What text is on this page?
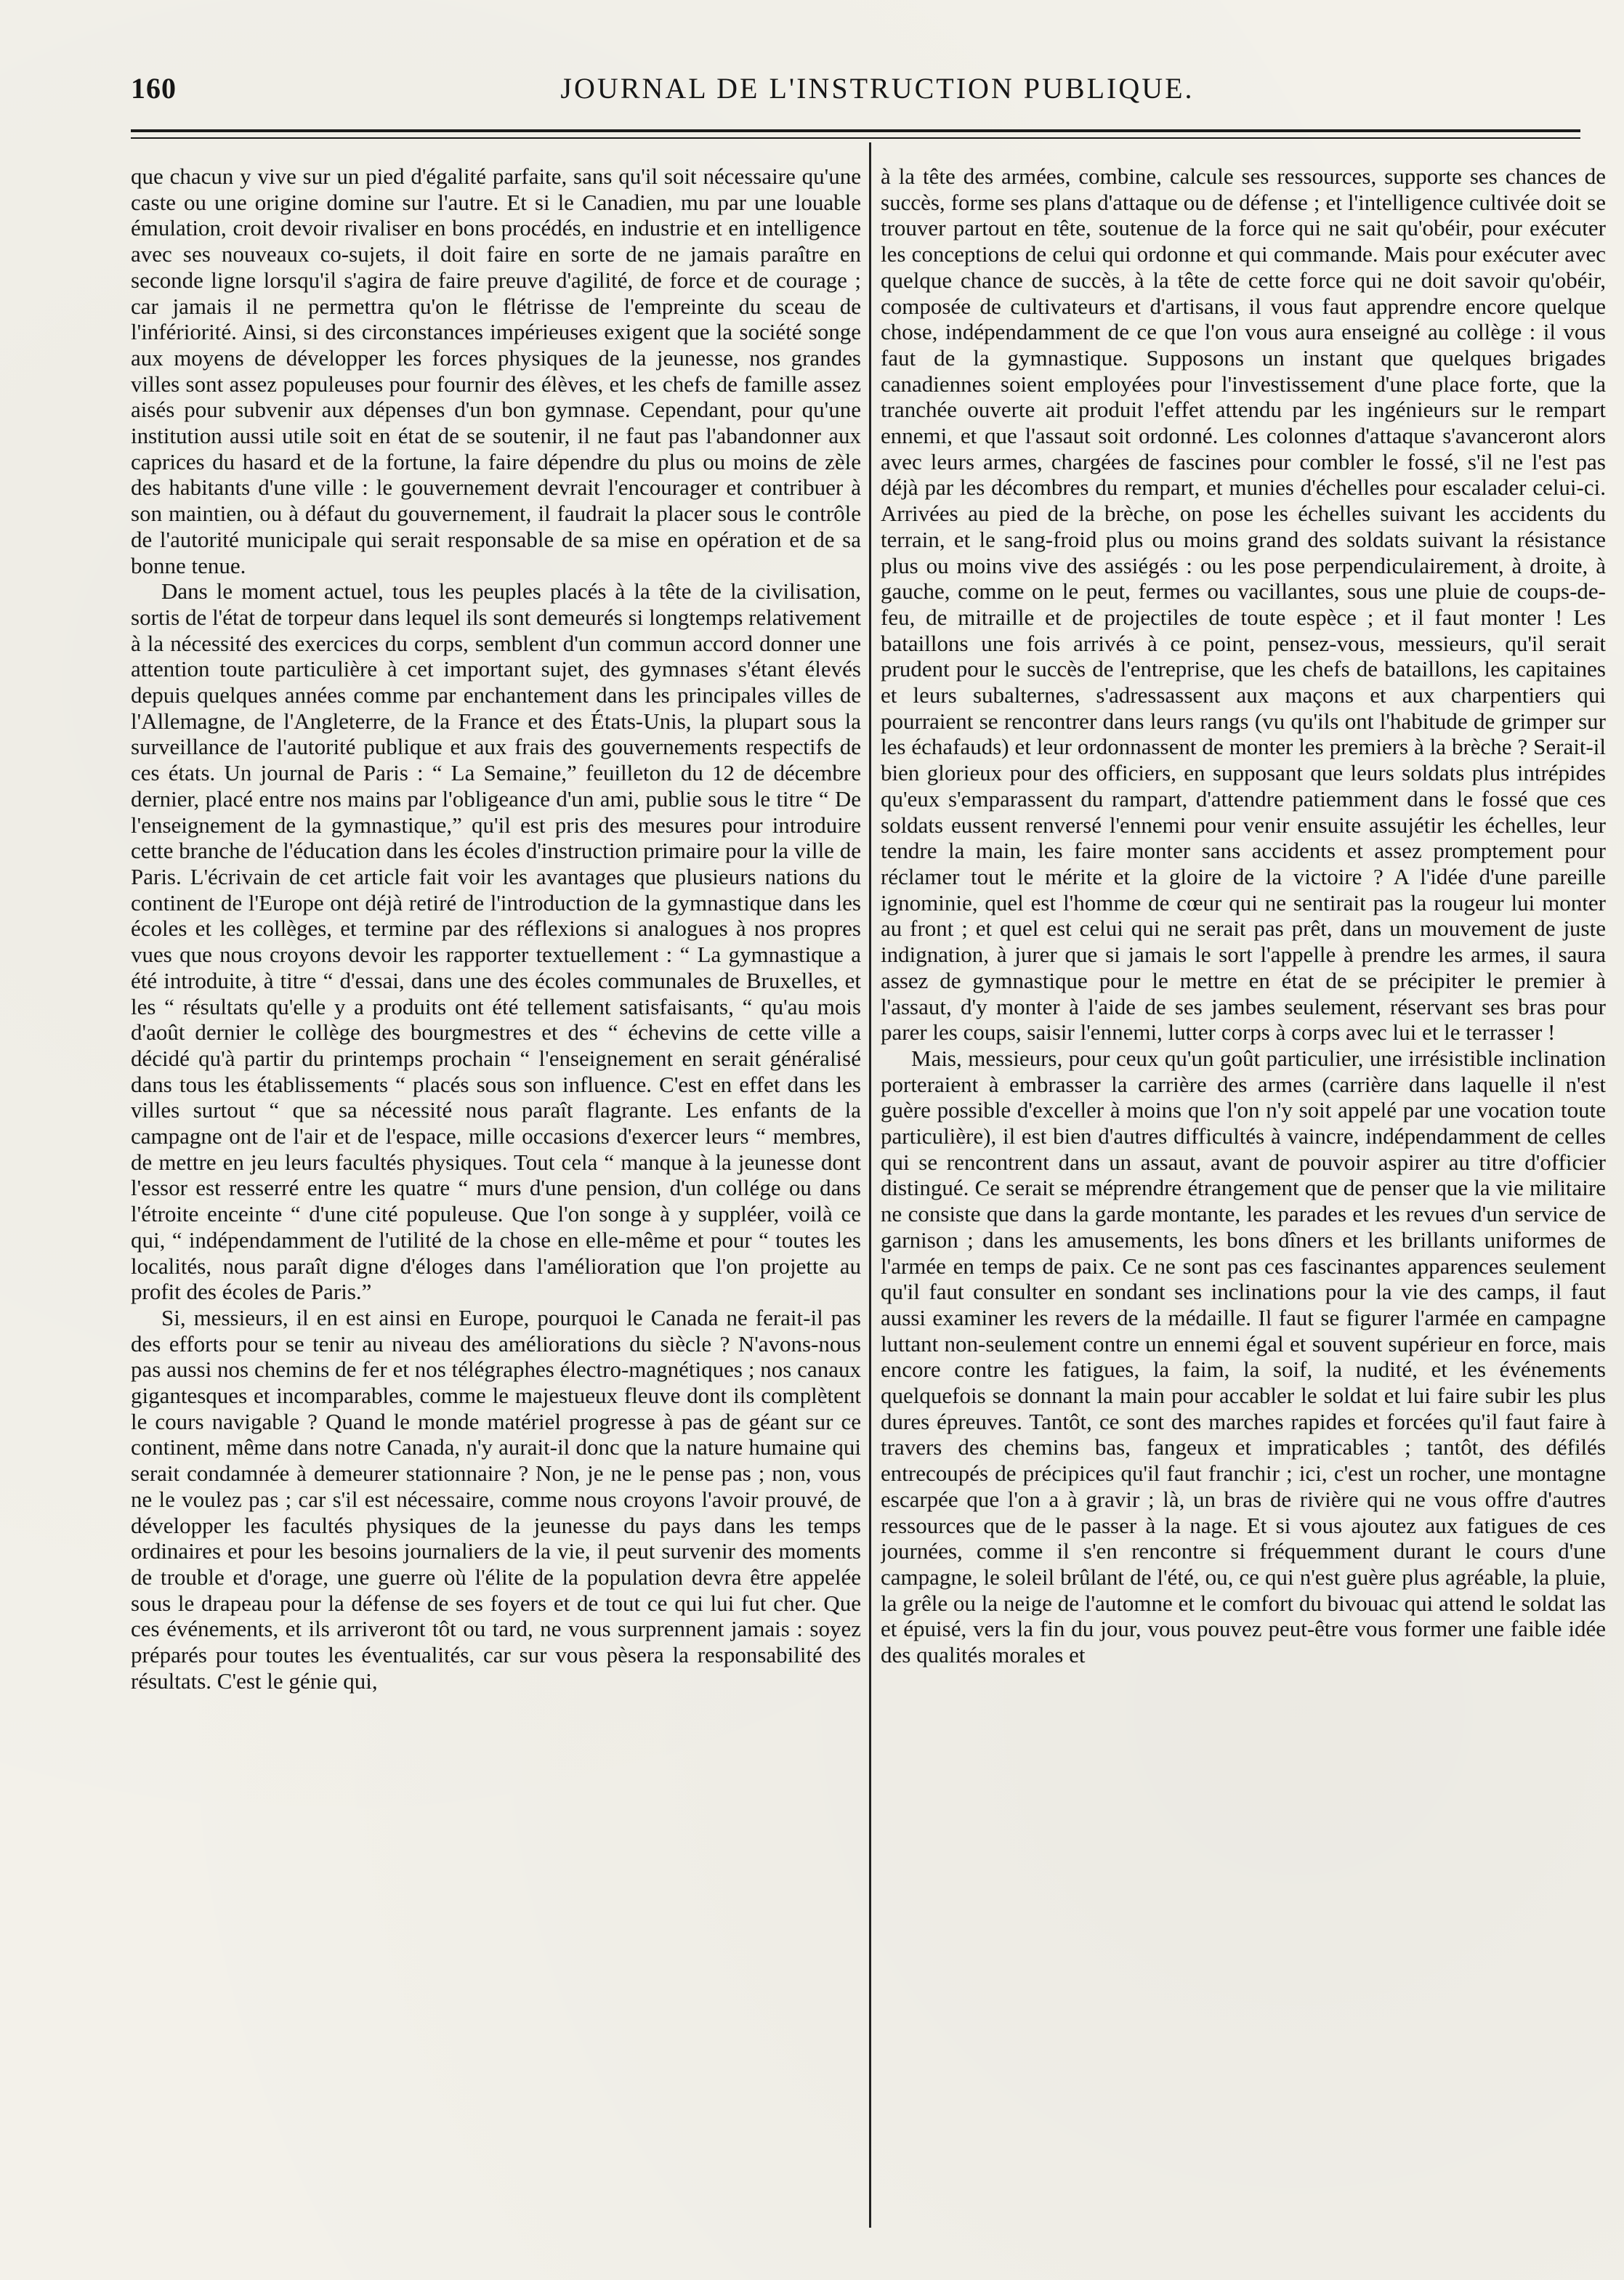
160	JOURNAL DE L'INSTRUCTION PUBLIQUE.

que chacun y vive sur un pied d'égalité parfaite, sans qu'il soit nécessaire qu'une caste ou une origine domine sur l'autre. Et si le Canadien, mu par une louable émulation, croit devoir rivaliser en bons procédés, en industrie et en intelligence avec ses nouveaux co-sujets, il doit faire en sorte de ne jamais paraître en seconde ligne lorsqu'il s'agira de faire preuve d'agilité, de force et de courage ; car jamais il ne permettra qu'on le flétrisse de l'empreinte du sceau de l'infériorité. Ainsi, si des circonstances impérieuses exigent que la société songe aux moyens de développer les forces physiques de la jeunesse, nos grandes villes sont assez populeuses pour fournir des élèves, et les chefs de famille assez aisés pour subvenir aux dépenses d'un bon gymnase. Cependant, pour qu'une institution aussi utile soit en état de se soutenir, il ne faut pas l'abandonner aux caprices du hasard et de la fortune, la faire dépendre du plus ou moins de zèle des habitants d'une ville : le gouvernement devrait l'encourager et contribuer à son maintien, ou à défaut du gouvernement, il faudrait la placer sous le contrôle de l'autorité municipale qui serait responsable de sa mise en opération et de sa bonne tenue.

Dans le moment actuel, tous les peuples placés à la tête de la civilisation, sortis de l'état de torpeur dans lequel ils sont demeurés si longtemps relativement à la nécessité des exercices du corps, semblent d'un commun accord donner une attention toute particulière à cet important sujet, des gymnases s'étant élevés depuis quelques années comme par enchantement dans les principales villes de l'Allemagne, de l'Angleterre, de la France et des États-Unis, la plupart sous la surveillance de l'autorité publique et aux frais des gouvernements respectifs de ces états. Un journal de Paris : “ La Semaine,” feuilleton du 12 de décembre dernier, placé entre nos mains par l'obligeance d'un ami, publie sous le titre “ De l'enseignement de la gymnastique,” qu'il est pris des mesures pour introduire cette branche de l'éducation dans les écoles d'instruction primaire pour la ville de Paris. L'écrivain de cet article fait voir les avantages que plusieurs nations du continent de l'Europe ont déjà retiré de l'introduction de la gymnastique dans les écoles et les collèges, et termine par des réflexions si analogues à nos propres vues que nous croyons devoir les rapporter textuellement : “ La gymnastique a été introduite, à titre “ d'essai, dans une des écoles communales de Bruxelles, et les “ résultats qu'elle y a produits ont été tellement satisfaisants, “ qu'au mois d'août dernier le collège des bourgmestres et des “ échevins de cette ville a décidé qu'à partir du printemps prochain “ l'enseignement en serait généralisé dans tous les établissements “ placés sous son influence. C'est en effet dans les villes surtout “ que sa nécessité nous paraît flagrante. Les enfants de la campagne ont de l'air et de l'espace, mille occasions d'exercer leurs “ membres, de mettre en jeu leurs facultés physiques. Tout cela “ manque à la jeunesse dont l'essor est resserré entre les quatre “ murs d'une pension, d'un collége ou dans l'étroite enceinte “ d'une cité populeuse. Que l'on songe à y suppléer, voilà ce qui, “ indépendamment de l'utilité de la chose en elle-même et pour “ toutes les localités, nous paraît digne d'éloges dans l'amélioration que l'on projette au profit des écoles de Paris.”

Si, messieurs, il en est ainsi en Europe, pourquoi le Canada ne ferait-il pas des efforts pour se tenir au niveau des améliorations du siècle ? N'avons-nous pas aussi nos chemins de fer et nos télégraphes électro-magnétiques ; nos canaux gigantesques et incomparables, comme le majestueux fleuve dont ils complètent le cours navigable ? Quand le monde matériel progresse à pas de géant sur ce continent, même dans notre Canada, n'y aurait-il donc que la nature humaine qui serait condamnée à demeurer stationnaire ? Non, je ne le pense pas ; non, vous ne le voulez pas ; car s'il est nécessaire, comme nous croyons l'avoir prouvé, de développer les facultés physiques de la jeunesse du pays dans les temps ordinaires et pour les besoins journaliers de la vie, il peut survenir des moments de trouble et d'orage, une guerre où l'élite de la population devra être appelée sous le drapeau pour la défense de ses foyers et de tout ce qui lui fut cher. Que ces événements, et ils arriveront tôt ou tard, ne vous surprennent jamais : soyez préparés pour toutes les éventualités, car sur vous pèsera la responsabilité des résultats. C'est le génie qui,

à la tête des armées, combine, calcule ses ressources, supporte ses chances de succès, forme ses plans d'attaque ou de défense ; et l'intelligence cultivée doit se trouver partout en tête, soutenue de la force qui ne sait qu'obéir, pour exécuter les conceptions de celui qui ordonne et qui commande. Mais pour exécuter avec quelque chance de succès, à la tête de cette force qui ne doit savoir qu'obéir, composée de cultivateurs et d'artisans, il vous faut apprendre encore quelque chose, indépendamment de ce que l'on vous aura enseigné au collège : il vous faut de la gymnastique. Supposons un instant que quelques brigades canadiennes soient employées pour l'investissement d'une place forte, que la tranchée ouverte ait produit l'effet attendu par les ingénieurs sur le rempart ennemi, et que l'assaut soit ordonné. Les colonnes d'attaque s'avanceront alors avec leurs armes, chargées de fascines pour combler le fossé, s'il ne l'est pas déjà par les décombres du rempart, et munies d'échelles pour escalader celui-ci. Arrivées au pied de la brèche, on pose les échelles suivant les accidents du terrain, et le sang-froid plus ou moins grand des soldats suivant la résistance plus ou moins vive des assiégés : ou les pose perpendiculairement, à droite, à gauche, comme on le peut, fermes ou vacillantes, sous une pluie de coups-de-feu, de mitraille et de projectiles de toute espèce ; et il faut monter ! Les bataillons une fois arrivés à ce point, pensez-vous, messieurs, qu'il serait prudent pour le succès de l'entreprise, que les chefs de bataillons, les capitaines et leurs subalternes, s'adressassent aux maçons et aux charpentiers qui pourraient se rencontrer dans leurs rangs (vu qu'ils ont l'habitude de grimper sur les échafauds) et leur ordonnassent de monter les premiers à la brèche ? Serait-il bien glorieux pour des officiers, en supposant que leurs soldats plus intrépides qu'eux s'emparassent du rampart, d'attendre patiemment dans le fossé que ces soldats eussent renversé l'ennemi pour venir ensuite assujétir les échelles, leur tendre la main, les faire monter sans accidents et assez promptement pour réclamer tout le mérite et la gloire de la victoire ? A l'idée d'une pareille ignominie, quel est l'homme de cœur qui ne sentirait pas la rougeur lui monter au front ; et quel est celui qui ne serait pas prêt, dans un mouvement de juste indignation, à jurer que si jamais le sort l'appelle à prendre les armes, il saura assez de gymnastique pour le mettre en état de se précipiter le premier à l'assaut, d'y monter à l'aide de ses jambes seulement, réservant ses bras pour parer les coups, saisir l'ennemi, lutter corps à corps avec lui et le terrasser !

Mais, messieurs, pour ceux qu'un goût particulier, une irrésistible inclination porteraient à embrasser la carrière des armes (carrière dans laquelle il n'est guère possible d'exceller à moins que l'on n'y soit appelé par une vocation toute particulière), il est bien d'autres difficultés à vaincre, indépendamment de celles qui se rencontrent dans un assaut, avant de pouvoir aspirer au titre d'officier distingué. Ce serait se méprendre étrangement que de penser que la vie militaire ne consiste que dans la garde montante, les parades et les revues d'un service de garnison ; dans les amusements, les bons dîners et les brillants uniformes de l'armée en temps de paix. Ce ne sont pas ces fascinantes apparences seulement qu'il faut consulter en sondant ses inclinations pour la vie des camps, il faut aussi examiner les revers de la médaille. Il faut se figurer l'armée en campagne luttant non-seulement contre un ennemi égal et souvent supérieur en force, mais encore contre les fatigues, la faim, la soif, la nudité, et les événements quelquefois se donnant la main pour accabler le soldat et lui faire subir les plus dures épreuves. Tantôt, ce sont des marches rapides et forcées qu'il faut faire à travers des chemins bas, fangeux et impraticables ; tantôt, des défilés entrecoupés de précipices qu'il faut franchir ; ici, c'est un rocher, une montagne escarpée que l'on a à gravir ; là, un bras de rivière qui ne vous offre d'autres ressources que de le passer à la nage. Et si vous ajoutez aux fatigues de ces journées, comme il s'en rencontre si fréquemment durant le cours d'une campagne, le soleil brûlant de l'été, ou, ce qui n'est guère plus agréable, la pluie, la grêle ou la neige de l'automne et le comfort du bivouac qui attend le soldat las et épuisé, vers la fin du jour, vous pouvez peut-être vous former une faible idée des qualités morales et
